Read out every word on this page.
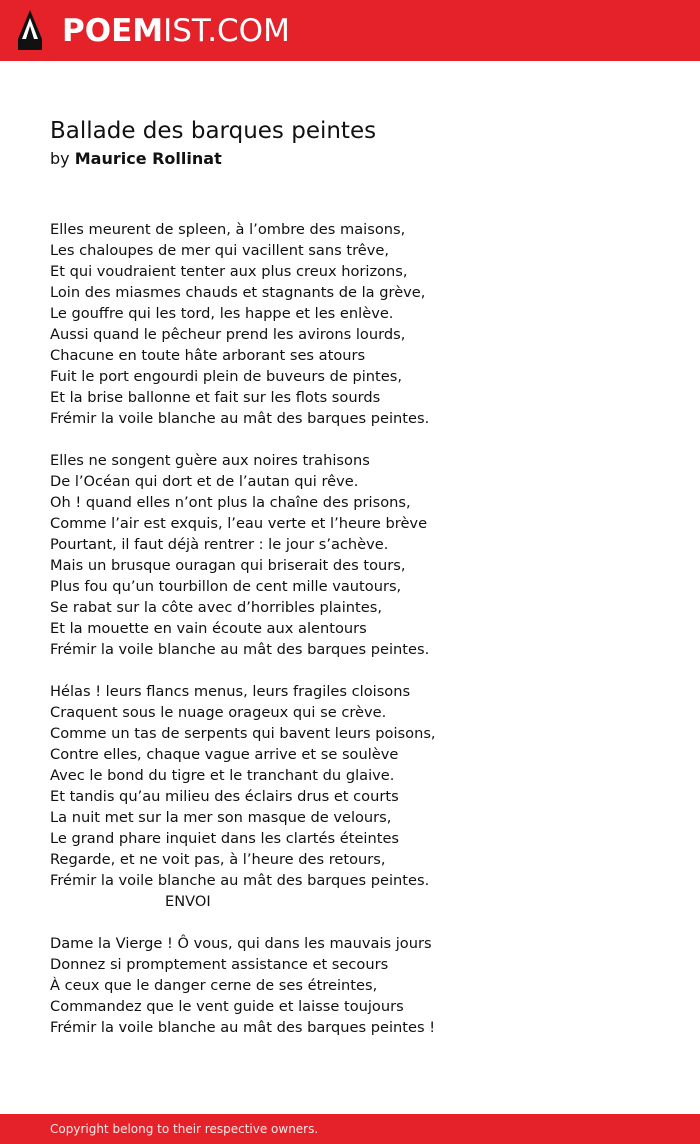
POEMIST.COM
Ballade des barques peintes
by Maurice Rollinat
Elles meurent de spleen, à l’ombre des maisons,
Les chaloupes de mer qui vacillent sans trêve,
Et qui voudraient tenter aux plus creux horizons,
Loin des miasmes chauds et stagnants de la grève,
Le gouffre qui les tord, les happe et les enlève.
Aussi quand le pêcheur prend les avirons lourds,
Chacune en toute hâte arborant ses atours
Fuit le port engourdi plein de buveurs de pintes,
Et la brise ballonne et fait sur les flots sourds
Frémir la voile blanche au mât des barques peintes.
Elles ne songent guère aux noires trahisons
De l’Océan qui dort et de l’autan qui rêve.
Oh ! quand elles n’ont plus la chaîne des prisons,
Comme l’air est exquis, l’eau verte et l’heure brève
Pourtant, il faut déjà rentrer : le jour s’achève.
Mais un brusque ouragan qui briserait des tours,
Plus fou qu’un tourbillon de cent mille vautours,
Se rabat sur la côte avec d’horribles plaintes,
Et la mouette en vain écoute aux alentours
Frémir la voile blanche au mât des barques peintes.
Hélas ! leurs flancs menus, leurs fragiles cloisons
Craquent sous le nuage orageux qui se crève.
Comme un tas de serpents qui bavent leurs poisons,
Contre elles, chaque vague arrive et se soulève
Avec le bond du tigre et le tranchant du glaive.
Et tandis qu’au milieu des éclairs drus et courts
La nuit met sur la mer son masque de velours,
Le grand phare inquiet dans les clartés éteintes
Regarde, et ne voit pas, à l’heure des retours,
Frémir la voile blanche au mât des barques peintes.
ENVOI
Dame la Vierge ! Ô vous, qui dans les mauvais jours
Donnez si promptement assistance et secours
À ceux que le danger cerne de ses étreintes,
Commandez que le vent guide et laisse toujours
Frémir la voile blanche au mât des barques peintes !
Copyright belong to their respective owners.
